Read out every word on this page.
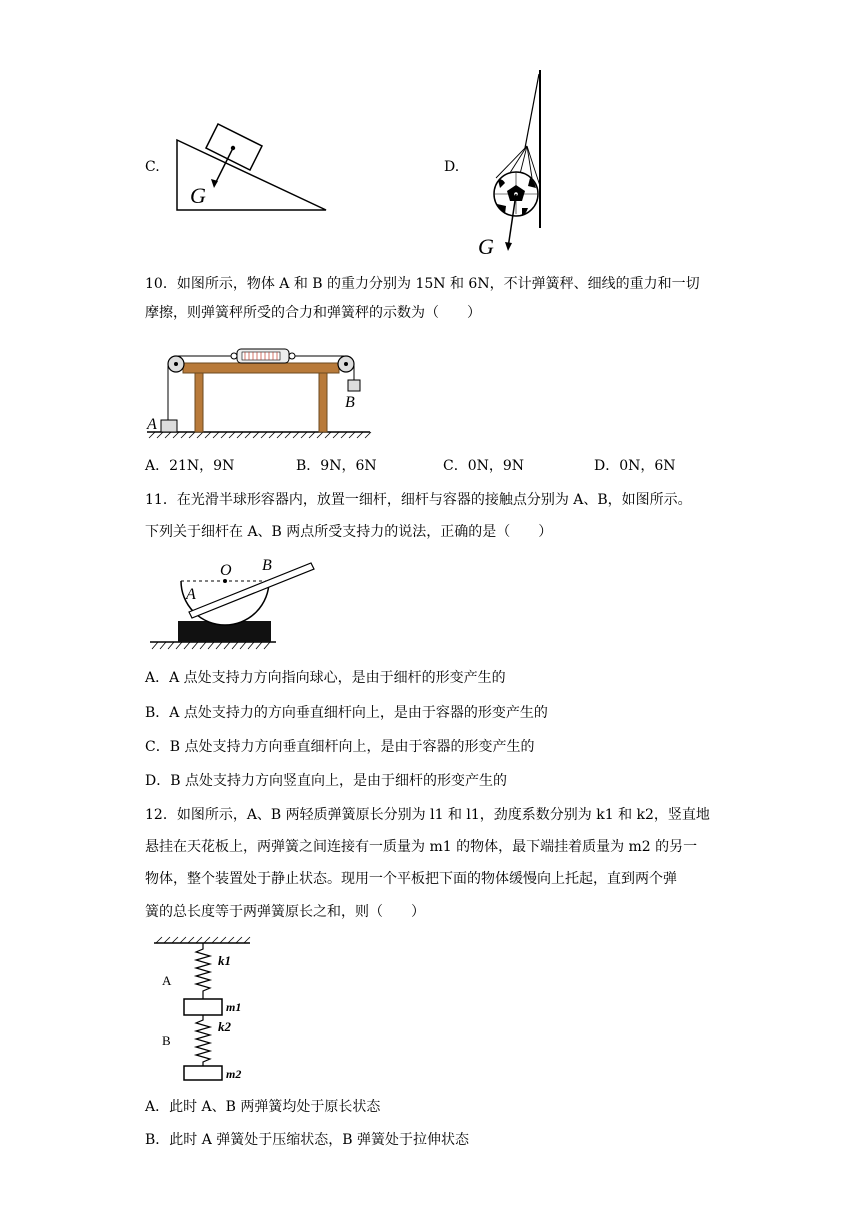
C.
G
D.
G
10．如图所示，物体 A 和 B 的重力分别为 15N 和 6N，不计弹簧秤、细线的重力和一切
摩擦，则弹簧秤所受的合力和弹簧秤的示数为（　　）
A
B
A．21N，9N	B．9N，6N	C．0N，9N	D．0N，6N
11．在光滑半球形容器内，放置一细杆，细杆与容器的接触点分别为 A、B，如图所示。
下列关于细杆在 A、B 两点所受支持力的说法，正确的是（　　）
O
A
B
A．A 点处支持力方向指向球心，是由于细杆的形变产生的
B．A 点处支持力的方向垂直细杆向上，是由于容器的形变产生的
C．B 点处支持力方向垂直细杆向上，是由于容器的形变产生的
D．B 点处支持力方向竖直向上，是由于细杆的形变产生的
12．如图所示，A、B 两轻质弹簧原长分别为 l1 和 l1，劲度系数分别为 k1 和 k2，竖直地
悬挂在天花板上，两弹簧之间连接有一质量为 m1 的物体，最下端挂着质量为 m2 的另一
物体，整个装置处于静止状态。现用一个平板把下面的物体缓慢向上托起，直到两个弹
簧的总长度等于两弹簧原长之和，则（　　）
k1
A
m1
k2
B
m2
A．此时 A、B 两弹簧均处于原长状态
B．此时 A 弹簧处于压缩状态，B 弹簧处于拉伸状态
